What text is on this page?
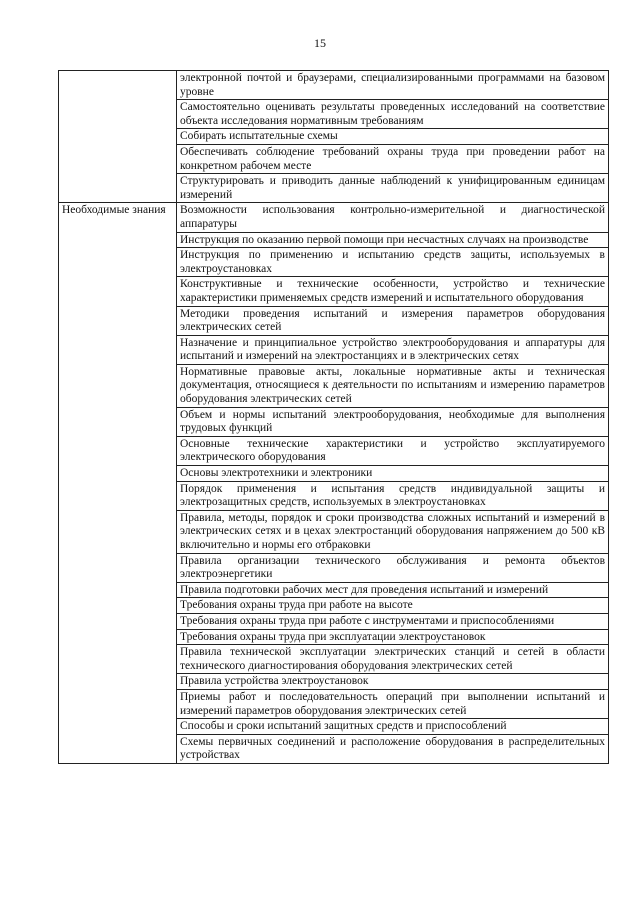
15
	электронной почтой и браузерами, специализированными программами на базовом уровне
	Самостоятельно оценивать результаты проведенных исследований на соответствие объекта исследования нормативным требованиям
	Собирать испытательные схемы
	Обеспечивать соблюдение требований охраны труда при проведении работ на конкретном рабочем месте
	Структурировать и приводить данные наблюдений к унифицированным единицам измерений
Необходимые знания	Возможности использования контрольно-измерительной и диагностической аппаратуры
	Инструкция по оказанию первой помощи при несчастных случаях на производстве
	Инструкция по применению и испытанию средств защиты, используемых в электроустановках
	Конструктивные и технические особенности, устройство и технические характеристики применяемых средств измерений и испытательного оборудования
	Методики проведения испытаний и измерения параметров оборудования электрических сетей
	Назначение и принципиальное устройство электрооборудования и аппаратуры для испытаний и измерений на электростанциях и в электрических сетях
	Нормативные правовые акты, локальные нормативные акты и техническая документация, относящиеся к деятельности по испытаниям и измерению параметров оборудования электрических сетей
	Объем и нормы испытаний электрооборудования, необходимые для выполнения трудовых функций
	Основные технические характеристики и устройство эксплуатируемого электрического оборудования
	Основы электротехники и электроники
	Порядок применения и испытания средств индивидуальной защиты и электрозащитных средств, используемых в электроустановках
	Правила, методы, порядок и сроки производства сложных испытаний и измерений в электрических сетях и в цехах электростанций оборудования напряжением до 500 кВ включительно и нормы его отбраковки
	Правила организации технического обслуживания и ремонта объектов электроэнергетики
	Правила подготовки рабочих мест для проведения испытаний и измерений
	Требования охраны труда при работе на высоте
	Требования охраны труда при работе с инструментами и приспособлениями
	Требования охраны труда при эксплуатации электроустановок
	Правила технической эксплуатации электрических станций и сетей в области технического диагностирования оборудования электрических сетей
	Правила устройства электроустановок
	Приемы работ и последовательность операций при выполнении испытаний и измерений параметров оборудования электрических сетей
	Способы и сроки испытаний защитных средств и приспособлений
	Схемы первичных соединений и расположение оборудования в распределительных устройствах
